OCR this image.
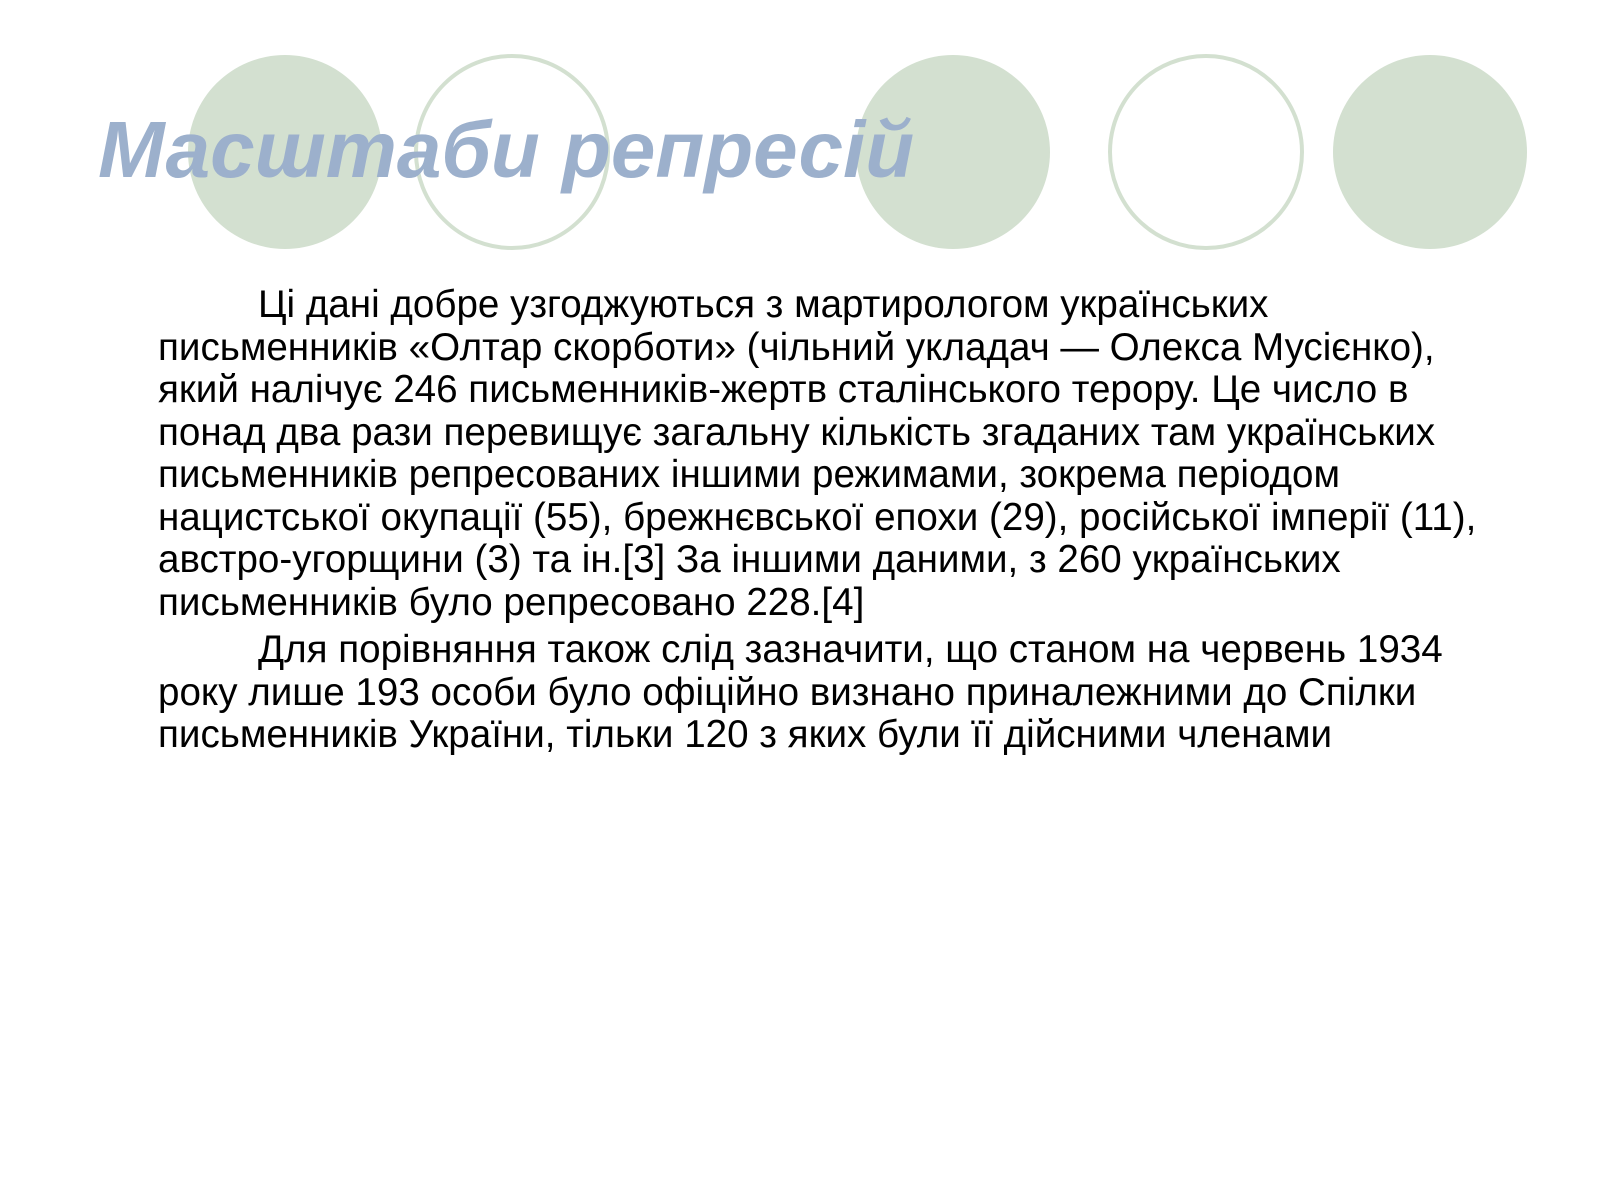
Масштаби репресій

Ці дані добре узгоджуються з мартирологом українських письменників «Олтар скорботи» (чільний укладач — Олекса Мусієнко), який налічує 246 письменників-жертв сталінського терору. Це число в понад два рази перевищує загальну кількість згаданих там українських письменників репресованих іншими режимами, зокрема періодом нацистської окупації (55), брежнєвської епохи (29), російської імперії (11), австро-угорщини (3) та ін.[3] За іншими даними, з 260 українських письменників було репресовано 228.[4]

Для порівняння також слід зазначити, що станом на червень 1934 року лише 193 особи було офіційно визнано приналежними до Спілки письменників України, тільки 120 з яких були її дійсними членами
